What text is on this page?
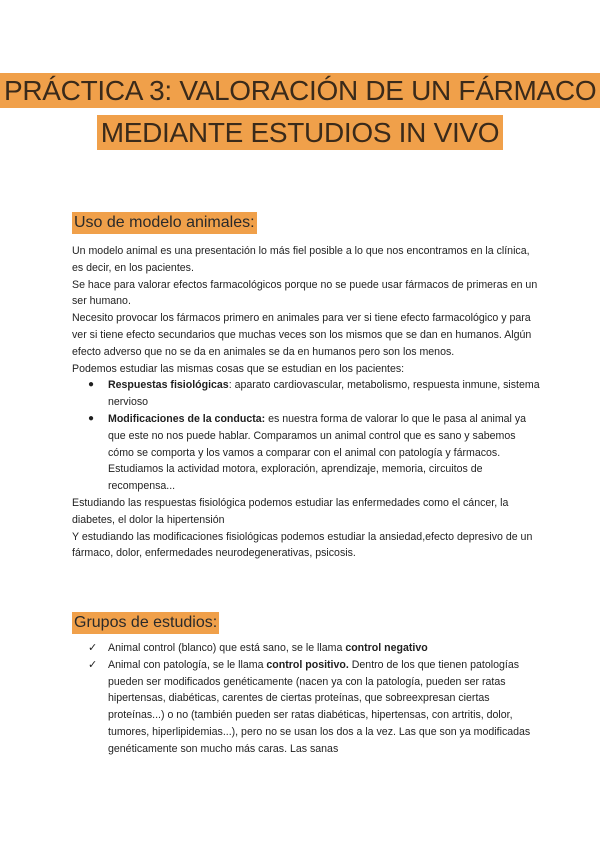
PRÁCTICA 3: VALORACIÓN DE UN FÁRMACO MEDIANTE ESTUDIOS IN VIVO
Uso de modelo animales:

Un modelo animal es una presentación lo más fiel posible a lo que nos encontramos en la clínica, es decir, en los pacientes.

Se hace para valorar efectos farmacológicos porque no se puede usar fármacos de primeras en un ser humano.

Necesito provocar los fármacos primero en animales para ver si tiene efecto farmacológico y para ver si tiene efecto secundarios que muchas veces son los mismos que se dan en humanos. Algún efecto adverso que no se da en animales se da en humanos pero son los menos.

Podemos estudiar las mismas cosas que se estudian en los pacientes:

● Respuestas fisiológicas: aparato cardiovascular, metabolismo, respuesta inmune, sistema nervioso
● Modificaciones de la conducta: es nuestra forma de valorar lo que le pasa al animal ya que este no nos puede hablar. Comparamos un animal control que es sano y sabemos cómo se comporta y los vamos a comparar con el animal con patología y fármacos. Estudiamos la actividad motora, exploración, aprendizaje, memoria, circuitos de recompensa...

Estudiando las respuestas fisiológica podemos estudiar las enfermedades como el cáncer, la diabetes, el dolor la hipertensión

Y estudiando las modificaciones fisiológicas podemos estudiar la ansiedad,efecto depresivo de un fármaco, dolor, enfermedades neurodegenerativas, psicosis.

Grupos de estudios:
✓ Animal control (blanco) que está sano, se le llama control negativo
✓ Animal con patología, se le llama control positivo. Dentro de los que tienen patologías pueden ser modificados genéticamente (nacen ya con la patología, pueden ser ratas hipertensas, diabéticas, carentes de ciertas proteínas, que sobreexpresan ciertas proteínas...) o no (también pueden ser ratas diabéticas, hipertensas, con artritis, dolor, tumores, hiperlipidemias...), pero no se usan los dos a la vez. Las que son ya modificadas genéticamente son mucho más caras. Las sanas
